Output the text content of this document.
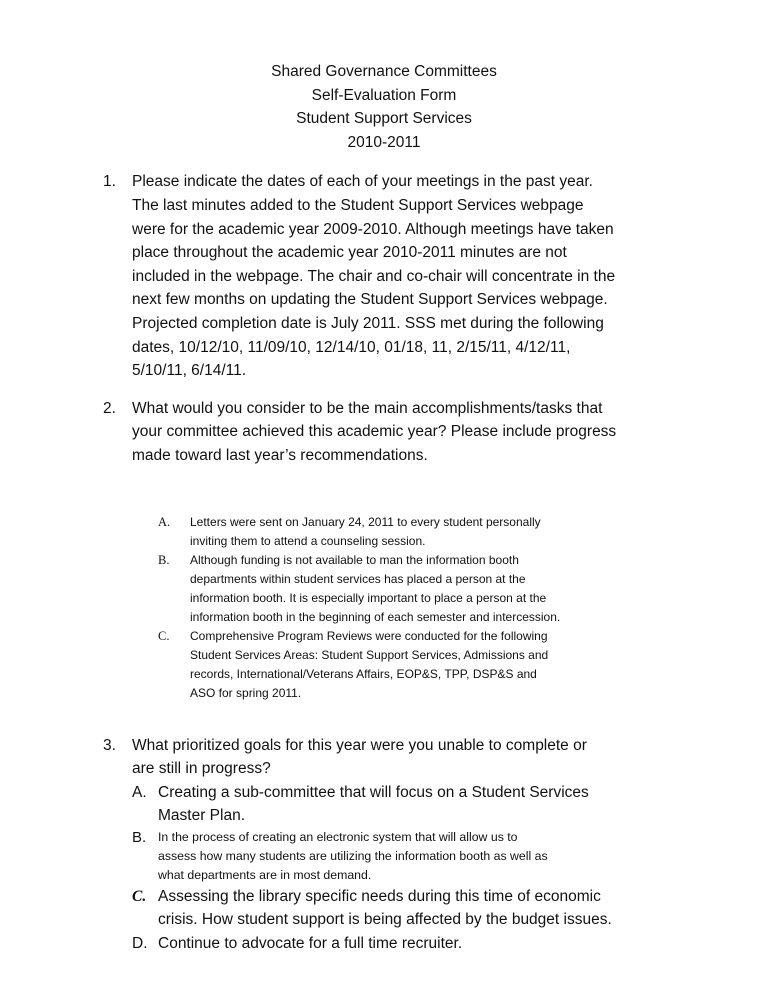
Shared Governance Committees
Self-Evaluation Form
Student Support Services
2010-2011
1.	Please indicate the dates of each of your meetings in the past year.
The last minutes added to the Student Support Services webpage
were for the academic year 2009-2010. Although meetings have taken
place throughout the academic year 2010-2011 minutes are not
included in the webpage. The chair and co-chair will concentrate in the
next few months on updating the Student Support Services webpage.
Projected completion date is July 2011. SSS met during the following
dates, 10/12/10, 11/09/10, 12/14/10, 01/18, 11, 2/15/11, 4/12/11,
5/10/11, 6/14/11.
2.	What would you consider to be the main accomplishments/tasks that
your committee achieved this academic year? Please include progress
made toward last year’s recommendations.
A.	Letters were sent on January 24, 2011 to every student personally
inviting them to attend a counseling session.
B.	Although funding is not available to man the information booth
departments within student services has placed a person at the
information booth. It is especially important to place a person at the
information booth in the beginning of each semester and intercession.
C.	Comprehensive Program Reviews were conducted for the following
Student Services Areas: Student Support Services, Admissions and
records, International/Veterans Affairs, EOP&S, TPP, DSP&S and
ASO for spring 2011.
3.	What prioritized goals for this year were you unable to complete or
are still in progress?
A. Creating a sub-committee that will focus on a Student Services
Master Plan.
B. In the process of creating an electronic system that will allow us to
assess how many students are utilizing the information booth as well as
what departments are in most demand.
C. Assessing the library specific needs during this time of economic
crisis. How student support is being affected by the budget issues.
D. Continue to advocate for a full time recruiter.
